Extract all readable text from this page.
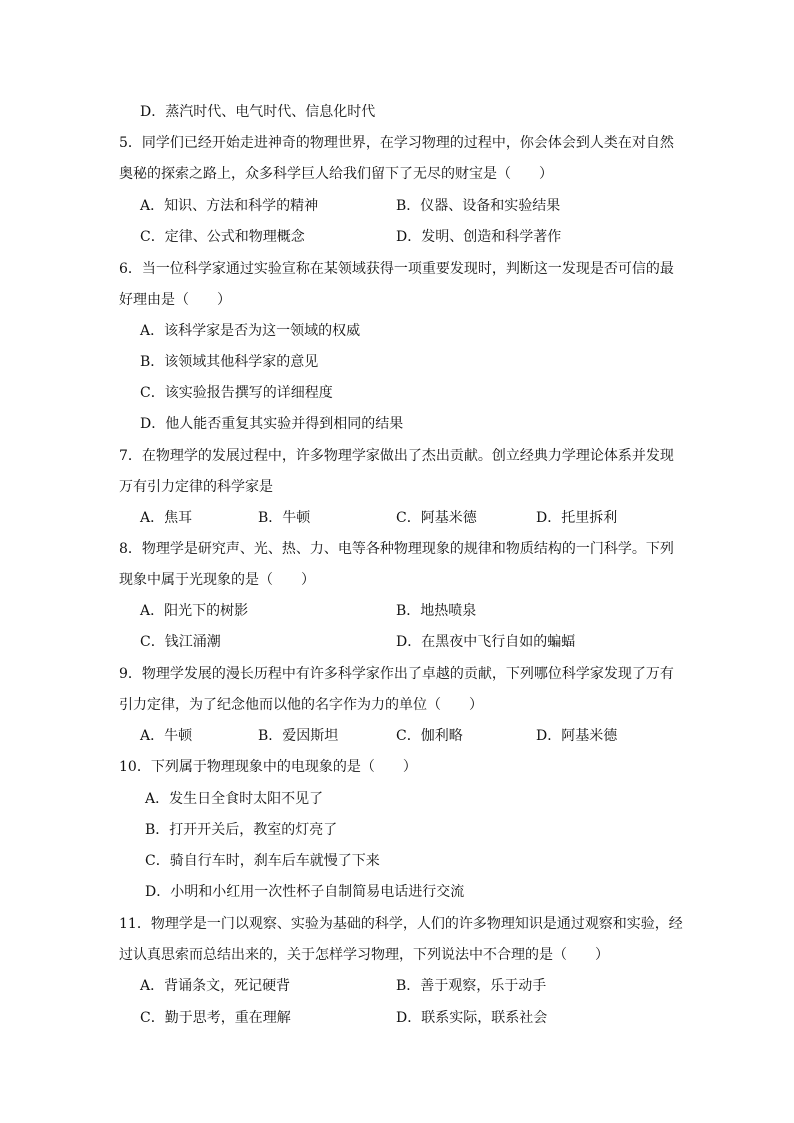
D．蒸汽时代、电气时代、信息化时代
5．同学们已经开始走进神奇的物理世界，在学习物理的过程中，你会体会到人类在对自然
奥秘的探索之路上，众多科学巨人给我们留下了无尽的财宝是（　　）
A．知识、方法和科学的精神	B．仪器、设备和实验结果
C．定律、公式和物理概念	D．发明、创造和科学著作
6．当一位科学家通过实验宣称在某领域获得一项重要发现时，判断这一发现是否可信的最
好理由是（　　）
A．该科学家是否为这一领域的权威
B．该领域其他科学家的意见
C．该实验报告撰写的详细程度
D．他人能否重复其实验并得到相同的结果
7．在物理学的发展过程中，许多物理学家做出了杰出贡献。创立经典力学理论体系并发现
万有引力定律的科学家是
A．焦耳	B．牛顿	C．阿基米德	D．托里拆利
8．物理学是研究声、光、热、力、电等各种物理现象的规律和物质结构的一门科学。下列
现象中属于光现象的是（　　）
A．阳光下的树影	B．地热喷泉
C．钱江涌潮	D．在黑夜中飞行自如的蝙蝠
9．物理学发展的漫长历程中有许多科学家作出了卓越的贡献，下列哪位科学家发现了万有
引力定律，为了纪念他而以他的名字作为力的单位（　　）
A．牛顿	B．爱因斯坦	C．伽利略	D．阿基米德
10．下列属于物理现象中的电现象的是（　　）
A．发生日全食时太阳不见了
B．打开开关后，教室的灯亮了
C．骑自行车时，刹车后车就慢了下来
D．小明和小红用一次性杯子自制简易电话进行交流
11．物理学是一门以观察、实验为基础的科学，人们的许多物理知识是通过观察和实验，经
过认真思索而总结出来的，关于怎样学习物理，下列说法中不合理的是（　　）
A．背诵条文，死记硬背	B．善于观察，乐于动手
C．勤于思考，重在理解	D．联系实际，联系社会
